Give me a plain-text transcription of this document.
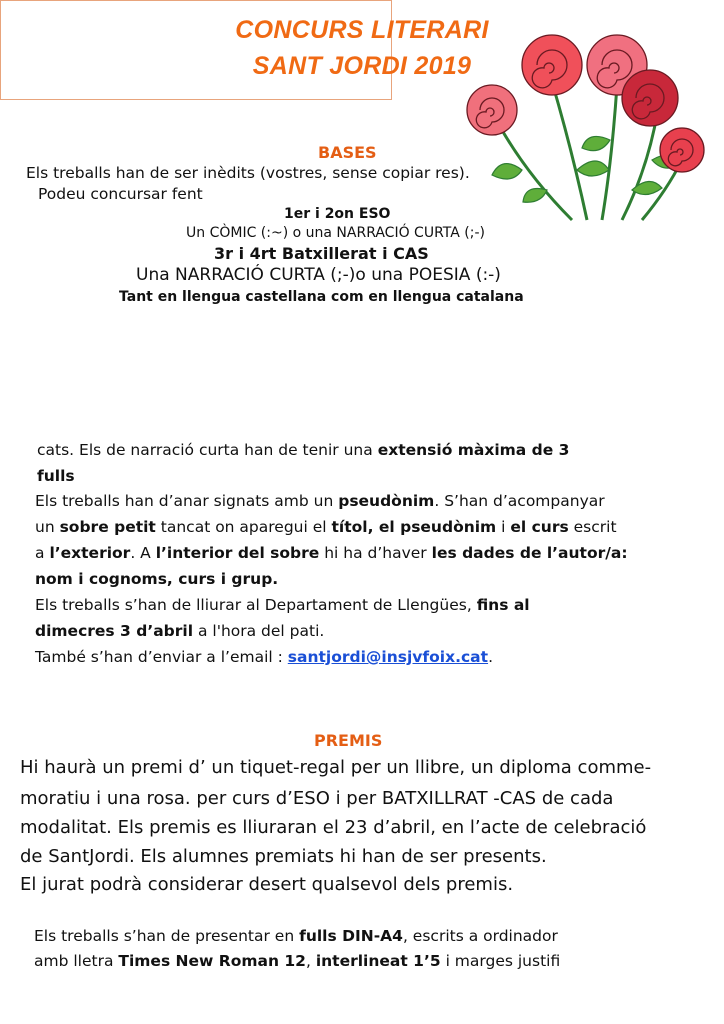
CONCURS LITERARI
SANT JORDI 2019
BASES
Els treballs han de ser inèdits (vostres, sense copiar res).
Podeu concursar fent
1er i 2on ESO
Un CÒMIC (:~) o una NARRACIÓ CURTA (;-)
3r i 4rt Batxillerat i CAS
Una NARRACIÓ CURTA (;-)o una POESIA (:-)
Tant en llengua castellana com en llengua catalana
cats. Els de narració curta han de tenir una extensió màxima de 3
fulls
Els treballs han d’anar signats amb un pseudònim. S’han d’acompanyar
un sobre petit tancat on aparegui el títol, el pseudònim i el curs escrit
a l’exterior. A l’interior del sobre hi ha d’haver les dades de l’autor/a:
nom i cognoms, curs i grup.
Els treballs s’han de lliurar al Departament de Llengües, fins al
dimecres 3 d’abril a l'hora del pati.
També s’han d’enviar a l’email : santjordi@insjvfoix.cat.
PREMIS
Hi haurà un premi d’ un tiquet-regal per un llibre, un diploma comme-
moratiu i una rosa. per curs d’ESO i per BATXILLRAT -CAS de cada
modalitat. Els premis es lliuraran el 23 d’abril, en l’acte de celebració
de SantJordi. Els alumnes premiats hi han de ser presents.
El jurat podrà considerar desert qualsevol dels premis.
Els treballs s’han de presentar en fulls DIN-A4, escrits a ordinador
amb lletra Times New Roman 12, interlineat 1’5 i marges justifi
